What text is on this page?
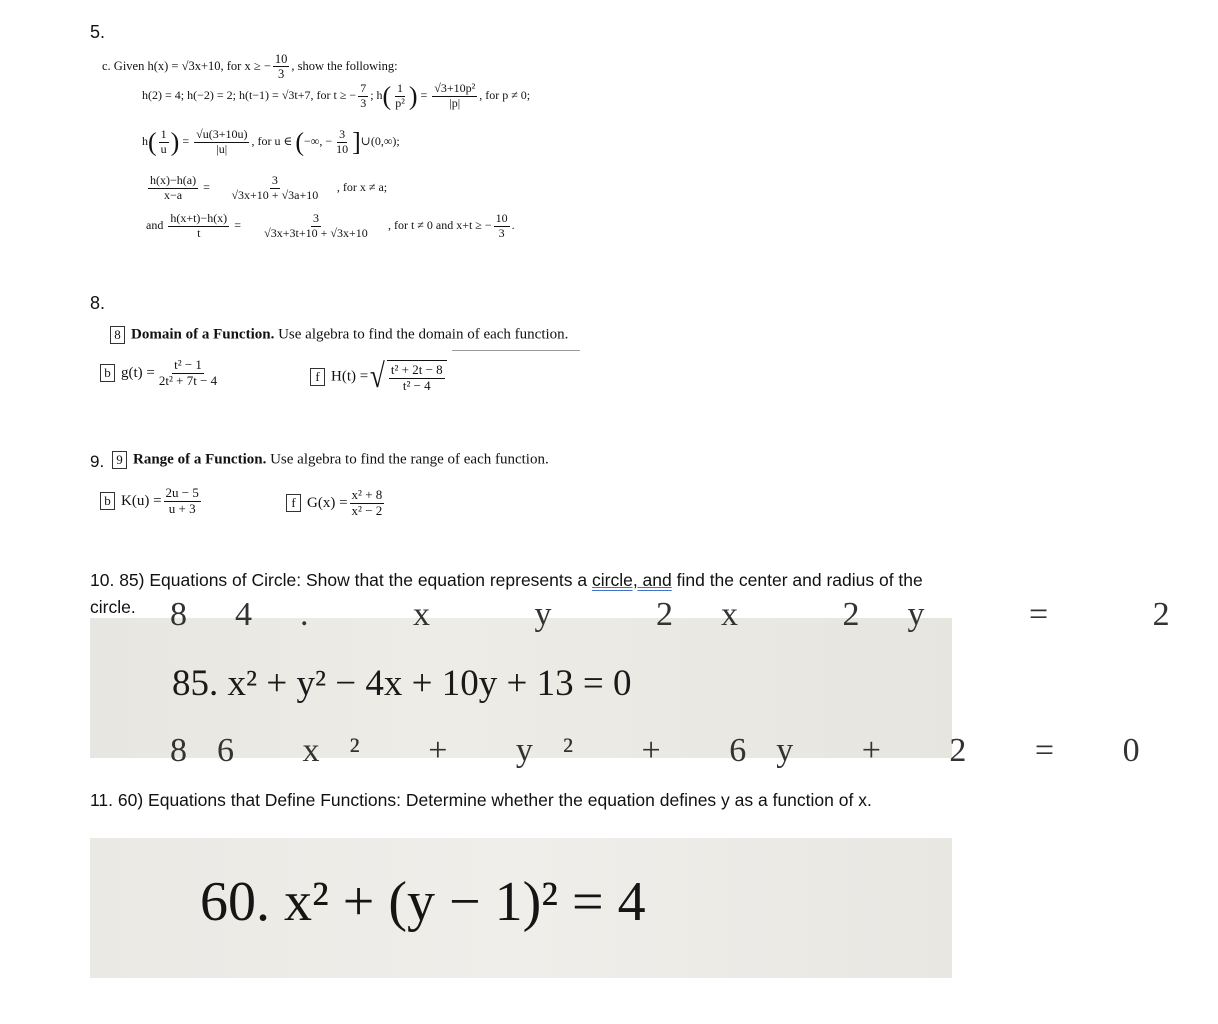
5.
c. Given h(x) = √3x+10, for x ≥ − $\frac{10}{3}$ , show the following:
h(2) = 4; h(−2) = 2; h(t−1) = √3t+7, for t ≥ − $\frac{7}{3}$ ; $h( \frac{1}{\text{p²}}$ ) = $\frac{\text{√3+10p²}}{|p|}$ , for p ≠ 0;
$h( \frac{1}{u}$ ) = $\frac{√u(3+10u)}{|u|}$ , for u ∈ (−∞, − $\frac{3}{10}$ ]∪(0,∞);
$\frac{h(x)-h(a)}{x-a} = \frac{3}{√3x+10 + √3a+10}$ , for x ≠ a;
and $\frac{h(x+t)-h(x)}{t} = \frac{3}{√3x+3t+10 + √3x+10}$ , for t ≠ 0 and x+t ≥ − $\frac{10}{3}$ .
8.
8 Domain of a Function. Use algebra to find the domain of each function.
b $g(t) = \frac{\text{t² − 1}}{\text{2t² + 7t − 4}}$	f H(t) = √ $\frac{\text{t² + 2t − 8}}{\text{t² − 4}}$
9. 9 Range of a Function. Use algebra to find the range of each function.
b $K(u) = \frac{2u - 5}{u + 3}$	f $G(x) = \frac{\text{x² + 8}}{\text{x² − 2}}$
10. 85) Equations of Circle: Show that the equation represents a circle, and find the center and radius of the circle.	84. x y 2x 2y = 2
85. x² + y² − 4x + 10y + 13 = 0
86 x² + y² + 6y + 2 = 0
11. 60) Equations that Define Functions: Determine whether the equation defines y as a function of x.
60. x² + (y − 1)² = 4
